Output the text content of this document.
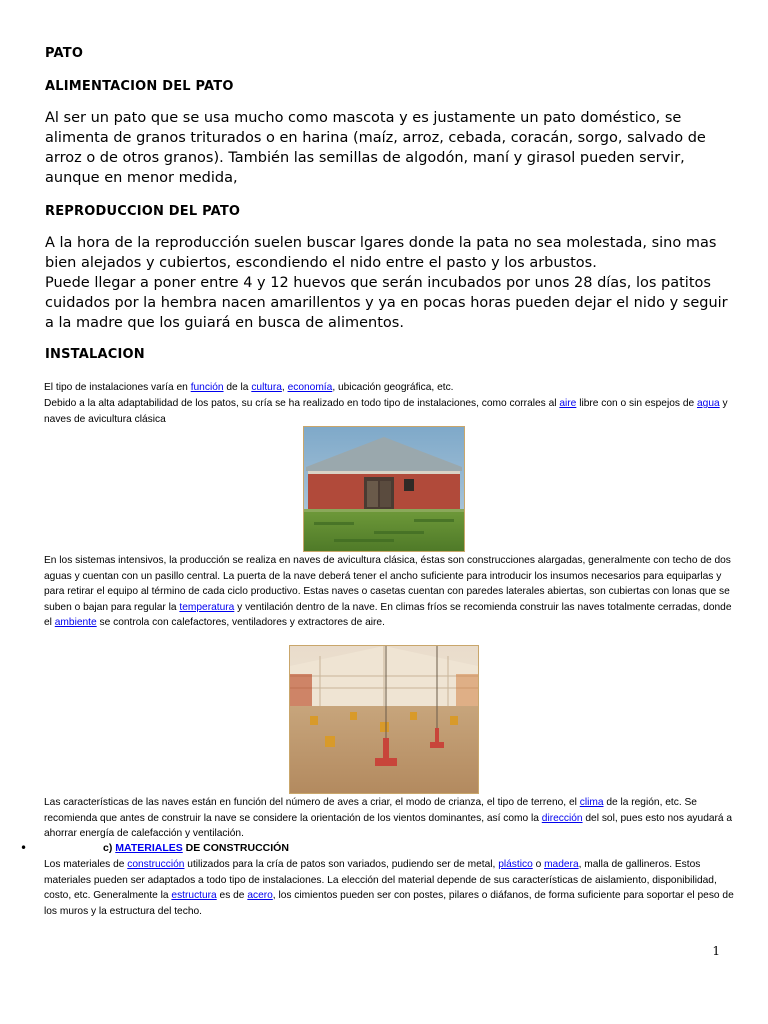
PATO
ALIMENTACION DEL PATO
Al ser un pato que se usa mucho como mascota y es justamente un pato doméstico, se alimenta de granos triturados o en harina (maíz, arroz, cebada, coracán, sorgo, salvado de arroz o de otros granos). También las semillas de algodón, maní y girasol pueden servir, aunque en menor medida,
REPRODUCCION DEL PATO
A la hora de la reproducción suelen buscar lgares donde la pata no sea molestada, sino mas bien alejados y cubiertos, escondiendo el nido entre el pasto y los arbustos.
Puede llegar a poner entre 4 y 12 huevos que serán incubados por unos 28 días, los patitos cuidados por la hembra nacen amarillentos y ya en pocas horas pueden dejar el nido y seguir a la madre que los guiará en busca de alimentos.
INSTALACION
El tipo de instalaciones varía en función de la cultura, economía, ubicación geográfica, etc.
Debido a la alta adaptabilidad de los patos, su cría se ha realizado en todo tipo de instalaciones, como corrales al aire libre con o sin espejos de agua y naves de avicultura clásica
En los sistemas intensivos, la producción se realiza en naves de avicultura clásica, éstas son construcciones alargadas, generalmente con techo de dos aguas y cuentan con un pasillo central. La puerta de la nave deberá tener el ancho suficiente para introducir los insumos necesarios para equiparlas y para retirar el equipo al término de cada ciclo productivo. Estas naves o casetas cuentan con paredes laterales abiertas, son cubiertas con lonas que se suben o bajan para regular la temperatura y ventilación dentro de la nave. En climas fríos se recomienda construir las naves totalmente cerradas, donde el ambiente se controla con calefactores, ventiladores y extractores de aire.
Las características de las naves están en función del número de aves a criar, el modo de crianza, el tipo de terreno, el clima de la región, etc. Se recomienda que antes de construir la nave se considere la orientación de los vientos dominantes, así como la dirección del sol, pues esto nos ayudará a ahorrar energía de calefacción y ventilación.
•	c) MATERIALES DE CONSTRUCCIÓN
Los materiales de construcción utilizados para la cría de patos son variados, pudiendo ser de metal, plástico o madera, malla de gallineros. Estos materiales pueden ser adaptados a todo tipo de instalaciones. La elección del material depende de sus características de aislamiento, disponibilidad, costo, etc. Generalmente la estructura es de acero, los cimientos pueden ser con postes, pilares o diáfanos, de forma suficiente para soportar el peso de los muros y la estructura del techo.
1
